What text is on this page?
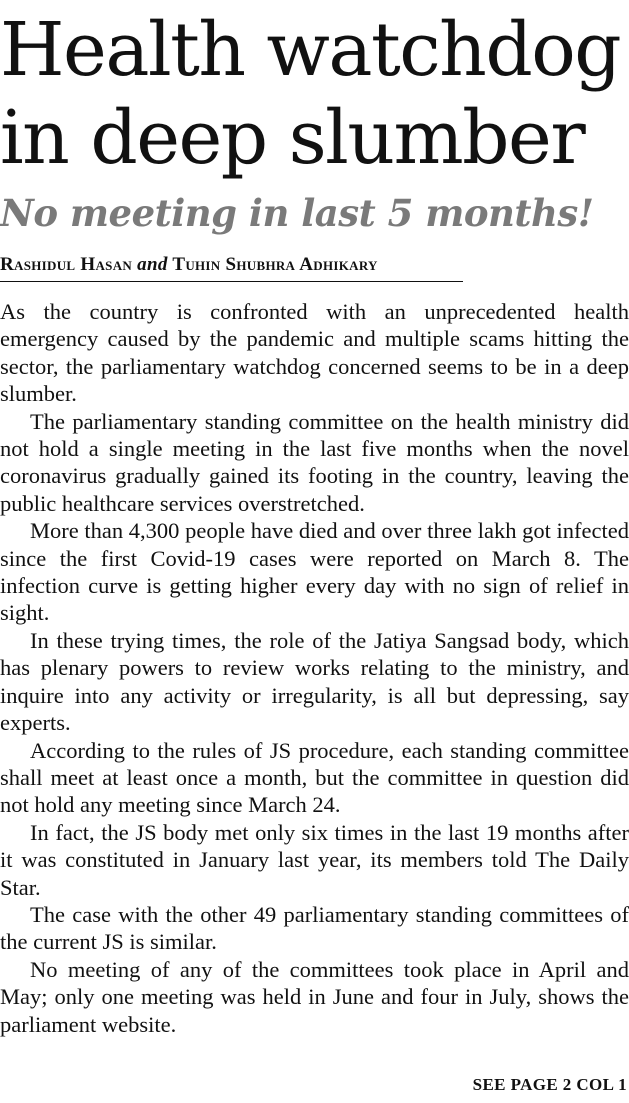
Health watchdog
in deep slumber
No meeting in last 5 months!
Rashidul Hasan and Tuhin Shubhra Adhikary

As the country is confronted with an unprecedented health emergency caused by the pandemic and multiple scams hitting the sector, the parliamentary watchdog concerned seems to be in a deep slumber.

The parliamentary standing committee on the health ministry did not hold a single meeting in the last five months when the novel coronavirus gradually gained its footing in the country, leaving the public healthcare services overstretched.

More than 4,300 people have died and over three lakh got infected since the first Covid-19 cases were reported on March 8. The infection curve is getting higher every day with no sign of relief in sight.

In these trying times, the role of the Jatiya Sangsad body, which has plenary powers to review works relating to the ministry, and inquire into any activity or irregularity, is all but depressing, say experts.

According to the rules of JS procedure, each standing committee shall meet at least once a month, but the committee in question did not hold any meeting since March 24.

In fact, the JS body met only six times in the last 19 months after it was constituted in January last year, its members told The Daily Star.

The case with the other 49 parliamentary standing committees of the current JS is similar.

No meeting of any of the committees took place in April and May; only one meeting was held in June and four in July, shows the parliament website.

SEE PAGE 2 COL 1
